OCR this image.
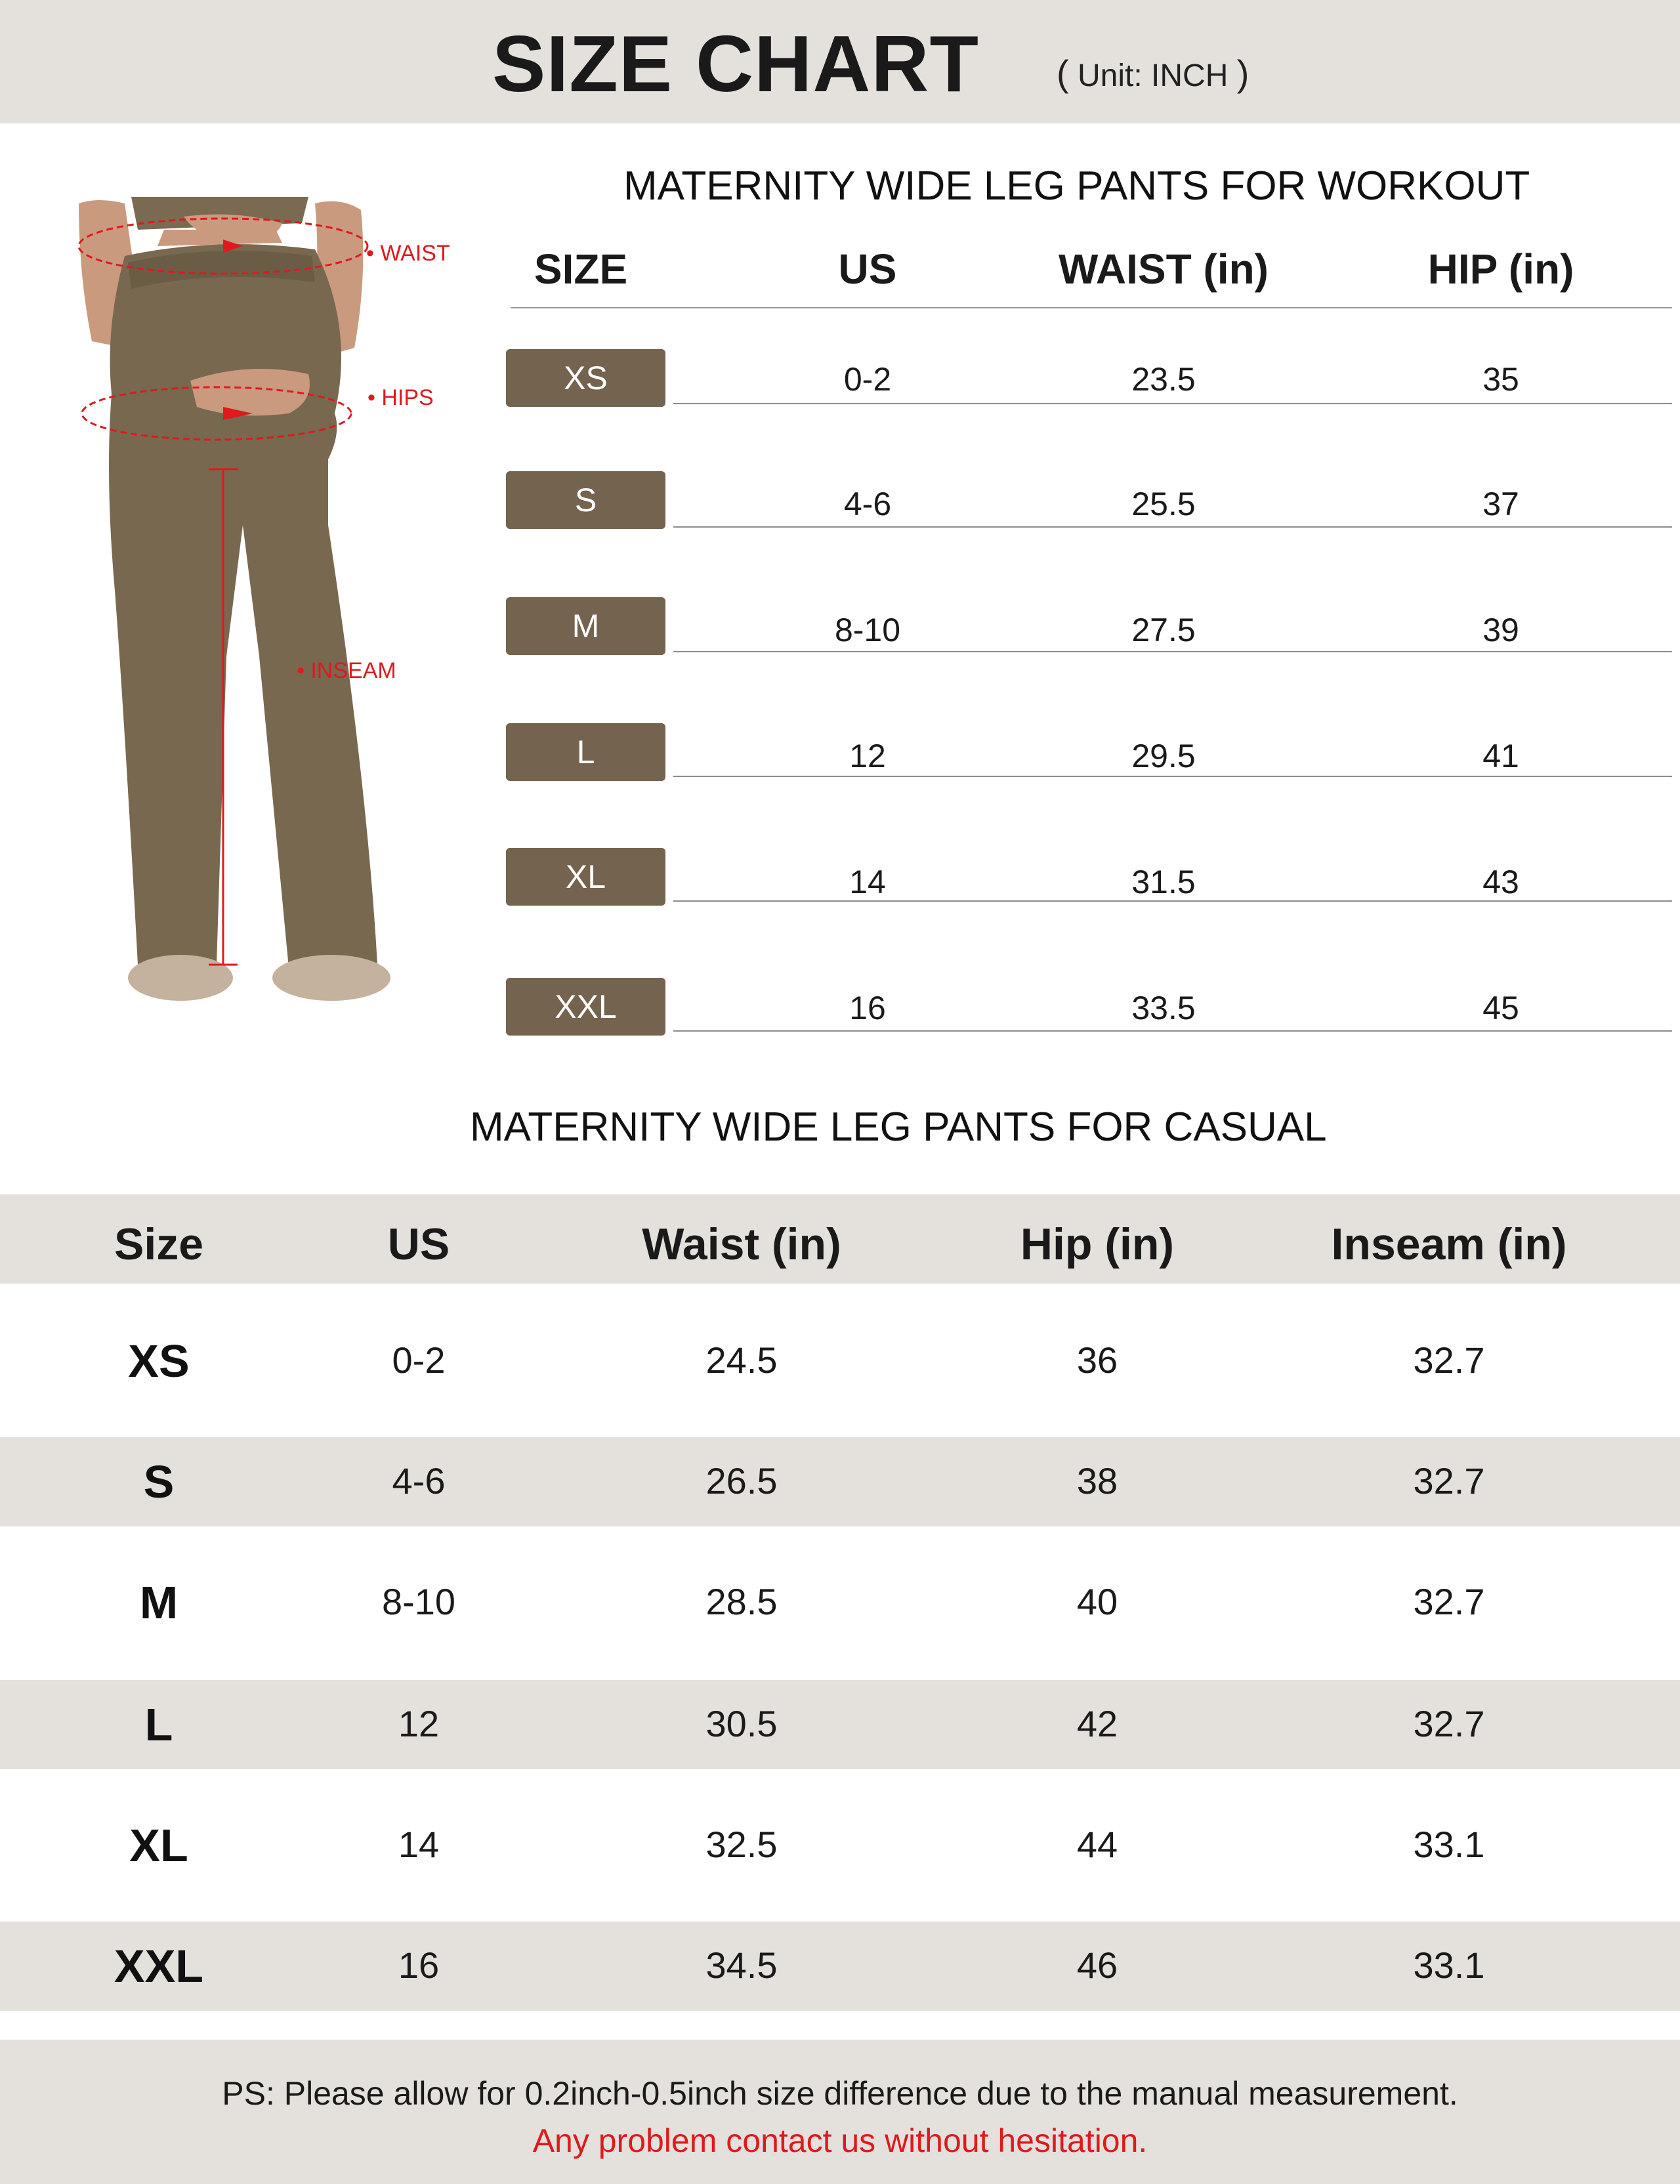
SIZE CHART ( Unit: INCH )
• WAIST
• HIPS
• INSEAM
MATERNITY WIDE LEG PANTS FOR WORKOUT
SIZE	US	WAIST (in)	HIP (in)
XS	0-2	23.5	35
S	4-6	25.5	37
M	8-10	27.5	39
L	12	29.5	41
XL	14	31.5	43
XXL	16	33.5	45
MATERNITY WIDE LEG PANTS FOR CASUAL
Size	US	Waist (in)	Hip (in)	Inseam (in)
XS	0-2	24.5	36	32.7
S	4-6	26.5	38	32.7
M	8-10	28.5	40	32.7
L	12	30.5	42	32.7
XL	14	32.5	44	33.1
XXL	16	34.5	46	33.1
PS: Please allow for 0.2inch-0.5inch size difference due to the manual measurement.
Any problem contact us without hesitation.
